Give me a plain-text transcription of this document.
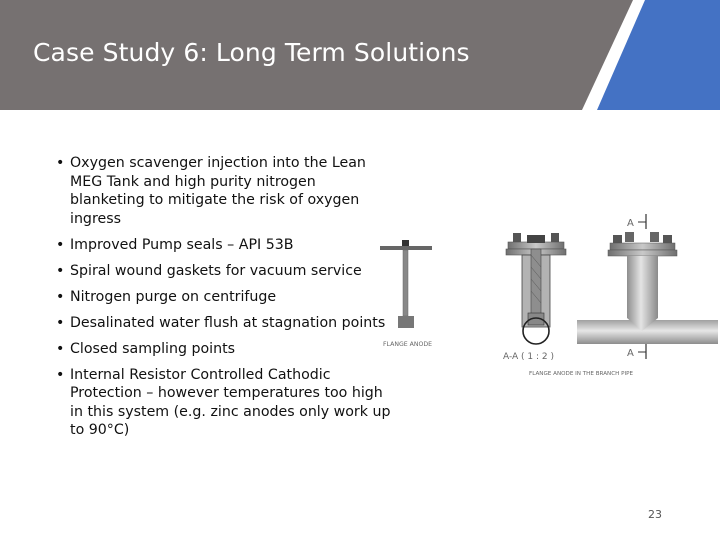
Case Study 6: Long Term Solutions
• Oxygen scavenger injection into the Lean MEG Tank and high purity nitrogen blanketing to mitigate the risk of oxygen ingress
• Improved Pump seals – API 53B
• Spiral wound gaskets for vacuum service
• Nitrogen purge on centrifuge
• Desalinated water flush at stagnation points
• Closed sampling points
• Internal Resistor Controlled Cathodic Protection – however temperatures too high in this system (e.g. zinc anodes only work up to 90°C)
FLANGE ANODE
A-A ( 1 : 2 )
A
A
FLANGE ANODE IN THE BRANCH PIPE
23
